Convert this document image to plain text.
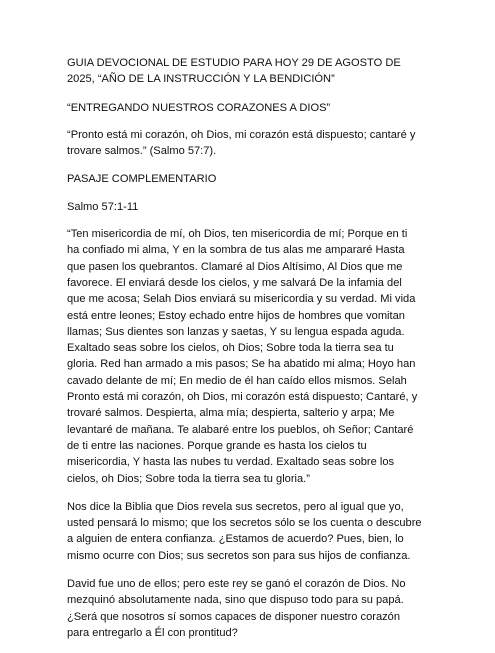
GUIA DEVOCIONAL DE ESTUDIO PARA HOY 29 DE AGOSTO DE 2025, “AÑO DE LA INSTRUCCIÓN Y LA BENDICIÓN”

“ENTREGANDO NUESTROS CORAZONES A DIOS”

“Pronto está mi corazón, oh Dios, mi corazón está dispuesto; cantaré y trovare salmos.” (Salmo 57:7).

PASAJE COMPLEMENTARIO

Salmo 57:1-11

“Ten misericordia de mí, oh Dios, ten misericordia de mí; Porque en ti ha confiado mi alma, Y en la sombra de tus alas me ampararé Hasta que pasen los quebrantos. Clamaré al Dios Altísimo, Al Dios que me favorece. El enviará desde los cielos, y me salvará De la infamia del que me acosa; Selah Dios enviará su misericordia y su verdad. Mi vida está entre leones; Estoy echado entre hijos de hombres que vomitan llamas; Sus dientes son lanzas y saetas, Y su lengua espada aguda. Exaltado seas sobre los cielos, oh Dios; Sobre toda la tierra sea tu gloria. Red han armado a mis pasos; Se ha abatido mi alma; Hoyo han cavado delante de mí; En medio de él han caído ellos mismos. Selah Pronto está mi corazón, oh Dios, mi corazón está dispuesto; Cantaré, y trovaré salmos. Despierta, alma mía; despierta, salterio y arpa; Me levantaré de mañana. Te alabaré entre los pueblos, oh Señor; Cantaré de ti entre las naciones. Porque grande es hasta los cielos tu misericordia, Y hasta las nubes tu verdad. Exaltado seas sobre los cielos, oh Dios; Sobre toda la tierra sea tu gloria.”

Nos dice la Biblia que Dios revela sus secretos, pero al igual que yo, usted pensará lo mismo; que los secretos sólo se los cuenta o descubre a alguien de entera confianza. ¿Estamos de acuerdo? Pues, bien, lo mismo ocurre con Dios; sus secretos son para sus hijos de confianza.

David fue uno de ellos; pero este rey se ganó el corazón de Dios. No mezquinó absolutamente nada, sino que dispuso todo para su papá. ¿Será que nosotros sí somos capaces de disponer nuestro corazón para entregarlo a Él con prontitud?
